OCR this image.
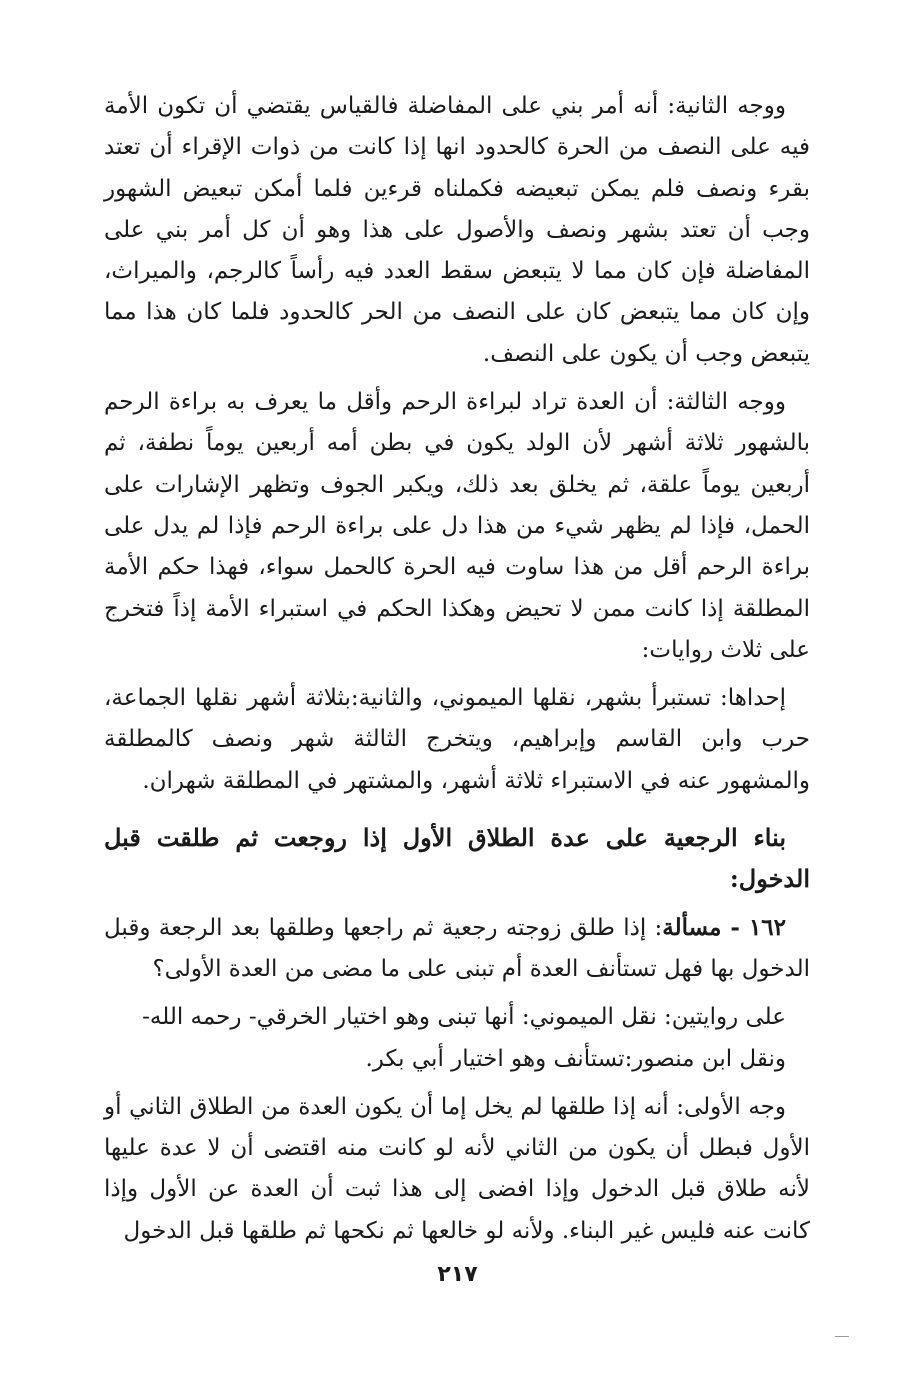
ووجه الثانية: أنه أمر بني على المفاضلة فالقياس يقتضي أن تكون الأمة فيه على النصف من الحرة كالحدود انها إذا كانت من ذوات الإقراء أن تعتد بقرء ونصف فلم يمكن تبعيضه فكملناه قرءين فلما أمكن تبعيض الشهور وجب أن تعتد بشهر ونصف والأصول على هذا وهو أن كل أمر بني على المفاضلة فإن كان مما لا يتبعض سقط العدد فيه رأساً كالرجم، والميراث، وإن كان مما يتبعض كان على النصف من الحر كالحدود فلما كان هذا مما يتبعض وجب أن يكون على النصف.

ووجه الثالثة: أن العدة تراد لبراءة الرحم وأقل ما يعرف به براءة الرحم بالشهور ثلاثة أشهر لأن الولد يكون في بطن أمه أربعين يوماً نطفة، ثم أربعين يوماً علقة، ثم يخلق بعد ذلك، ويكبر الجوف وتظهر الإشارات على الحمل، فإذا لم يظهر شيء من هذا دل على براءة الرحم فإذا لم يدل على براءة الرحم أقل من هذا ساوت فيه الحرة كالحمل سواء، فهذا حكم الأمة المطلقة إذا كانت ممن لا تحيض وهكذا الحكم في استبراء الأمة إذاً فتخرج على ثلاث روايات:

إحداها: تستبرأ بشهر، نقلها الميموني، والثانية:بثلاثة أشهر نقلها الجماعة، حرب وابن القاسم وإبراهيم، ويتخرج الثالثة شهر ونصف كالمطلقة والمشهور عنه في الاستبراء ثلاثة أشهر، والمشتهر في المطلقة شهران.

بناء الرجعية على عدة الطلاق الأول إذا روجعت ثم طلقت قبل الدخول:

١٦٢ - مسألة: إذا طلق زوجته رجعية ثم راجعها وطلقها بعد الرجعة وقبل الدخول بها فهل تستأنف العدة أم تبنى على ما مضى من العدة الأولى؟

على روايتين: نقل الميموني: أنها تبنى وهو اختيار الخرقي- رحمه الله-

ونقل ابن منصور:تستأنف وهو اختيار أبي بكر.

وجه الأولى: أنه إذا طلقها لم يخل إما أن يكون العدة من الطلاق الثاني أو الأول فبطل أن يكون من الثاني لأنه لو كانت منه اقتضى أن لا عدة عليها لأنه طلاق قبل الدخول وإذا افضى إلى هذا ثبت أن العدة عن الأول وإذا كانت عنه فليس غير البناء. ولأنه لو خالعها ثم نكحها ثم طلقها قبل الدخول

٢١٧
